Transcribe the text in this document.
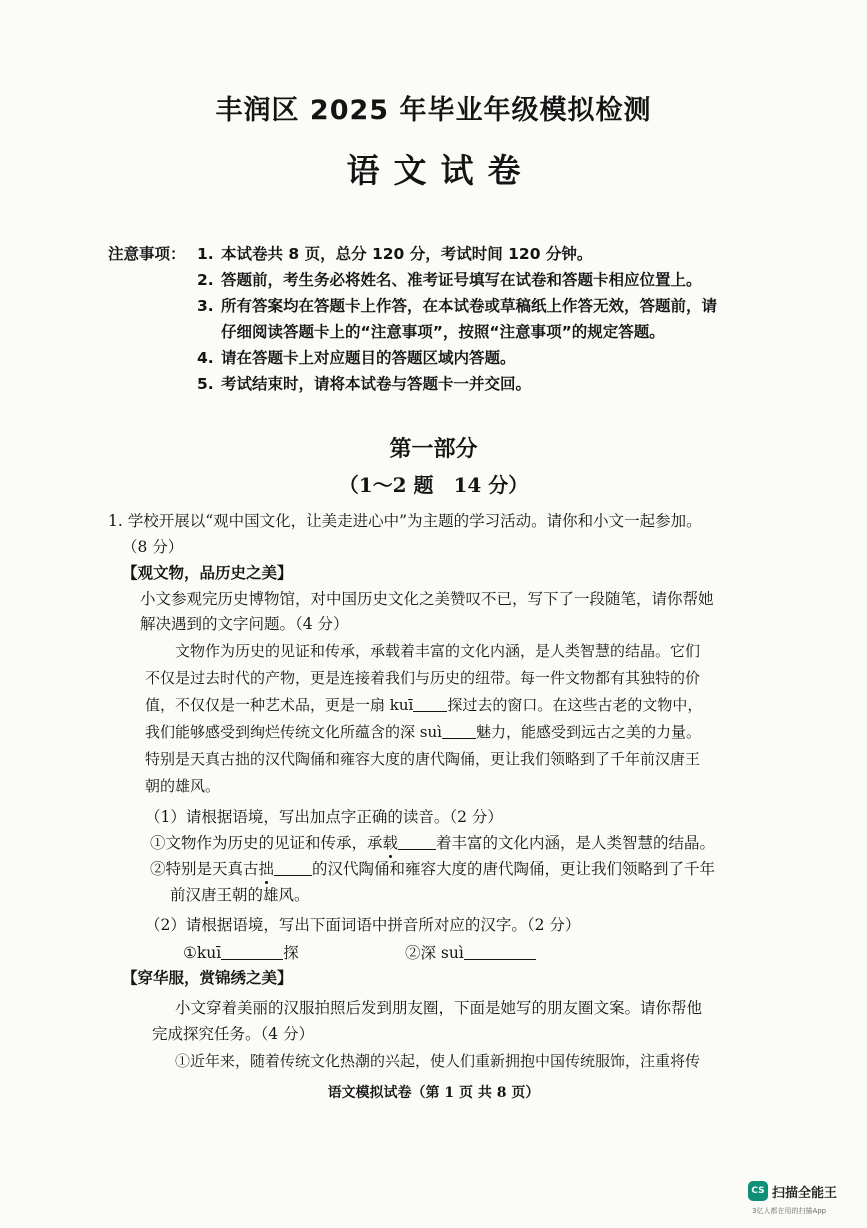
丰润区 2025 年毕业年级模拟检测
语文试卷
注意事项： 1. 本试卷共 8 页，总分 120 分，考试时间 120 分钟。
2. 答题前，考生务必将姓名、准考证号填写在试卷和答题卡相应位置上。
3. 所有答案均在答题卡上作答，在本试卷或草稿纸上作答无效，答题前，请
仔细阅读答题卡上的“注意事项”，按照“注意事项”的规定答题。
4. 请在答题卡上对应题目的答题区域内答题。
5. 考试结束时，请将本试卷与答题卡一并交回。
第一部分
（1～2 题　14 分）
1. 学校开展以“观中国文化，让美走进心中”为主题的学习活动。请你和小文一起参加。
（8 分）
【观文物，品历史之美】
小文参观完历史博物馆，对中国历史文化之美赞叹不已，写下了一段随笔，请你帮她
解决遇到的文字问题。（4 分）
文物作为历史的见证和传承，承载着丰富的文化内涵，是人类智慧的结晶。它们
不仅是过去时代的产物，更是连接着我们与历史的纽带。每一件文物都有其独特的价
值，不仅仅是一种艺术品，更是一扇 kuī 探过去的窗口。在这些古老的文物中，
我们能够感受到绚烂传统文化所蕴含的深 suì 魅力，能感受到远古之美的力量。
特别是天真古拙的汉代陶俑和雍容大度的唐代陶俑，更让我们领略到了千年前汉唐王
朝的雄风。
（1）请根据语境，写出加点字正确的读音。（2 分）
①文物作为历史的见证和传承，承载 着丰富的文化内涵，是人类智慧的结晶。
②特别是天真古拙 的汉代陶俑和雍容大度的唐代陶俑，更让我们领略到了千年
前汉唐王朝的雄风。
（2）请根据语境，写出下面词语中拼音所对应的汉字。（2 分）
①kuī	探	②深 suì
【穿华服，赏锦绣之美】
小文穿着美丽的汉服拍照后发到朋友圈，下面是她写的朋友圈文案。请你帮他
完成探究任务。（4 分）
①近年来，随着传统文化热潮的兴起，使人们重新拥抱中国传统服饰，注重将传
语文模拟试卷（第 1 页 共 8 页）
CS 扫描全能王
3亿人都在用的扫描App
